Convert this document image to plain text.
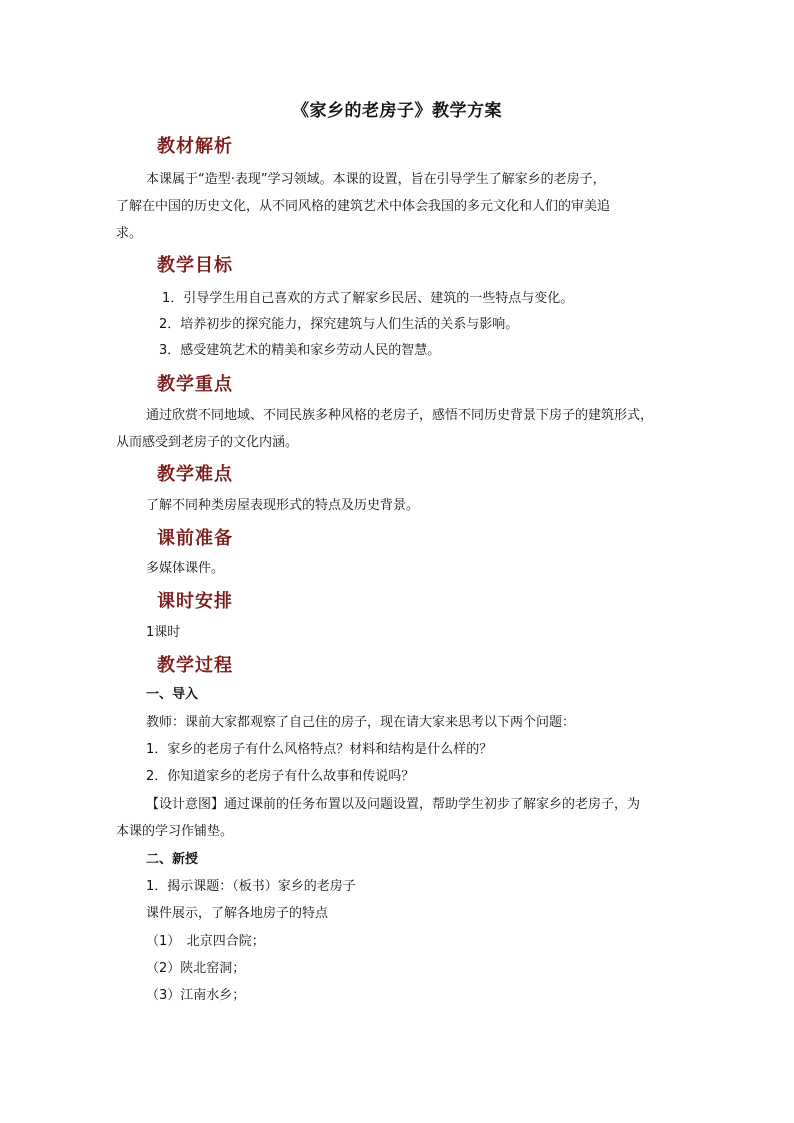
《家乡的老房子》教学方案
教材解析
本课属于“造型·表现”学习领域。本课的设置，旨在引导学生了解家乡的老房子，
了解在中国的历史文化，从不同风格的建筑艺术中体会我国的多元文化和人们的审美追
求。
教学目标
1．引导学生用自己喜欢的方式了解家乡民居、建筑的一些特点与变化。
2．培养初步的探究能力，探究建筑与人们生活的关系与影响。
3．感受建筑艺术的精美和家乡劳动人民的智慧。
教学重点
通过欣赏不同地域、不同民族多种风格的老房子，感悟不同历史背景下房子的建筑形式，
从而感受到老房子的文化内涵。
教学难点
了解不同种类房屋表现形式的特点及历史背景。
课前准备
多媒体课件。
课时安排
1课时
教学过程
一、导入
教师：课前大家都观察了自己住的房子，现在请大家来思考以下两个问题：
1．家乡的老房子有什么风格特点？材料和结构是什么样的？
2．你知道家乡的老房子有什么故事和传说吗？
【设计意图】通过课前的任务布置以及问题设置，帮助学生初步了解家乡的老房子，为
本课的学习作铺垫。
二、新授
1．揭示课题：（板书）家乡的老房子
课件展示，了解各地房子的特点
（1）　北京四合院；
（2）陕北窑洞；
（3）江南水乡；
